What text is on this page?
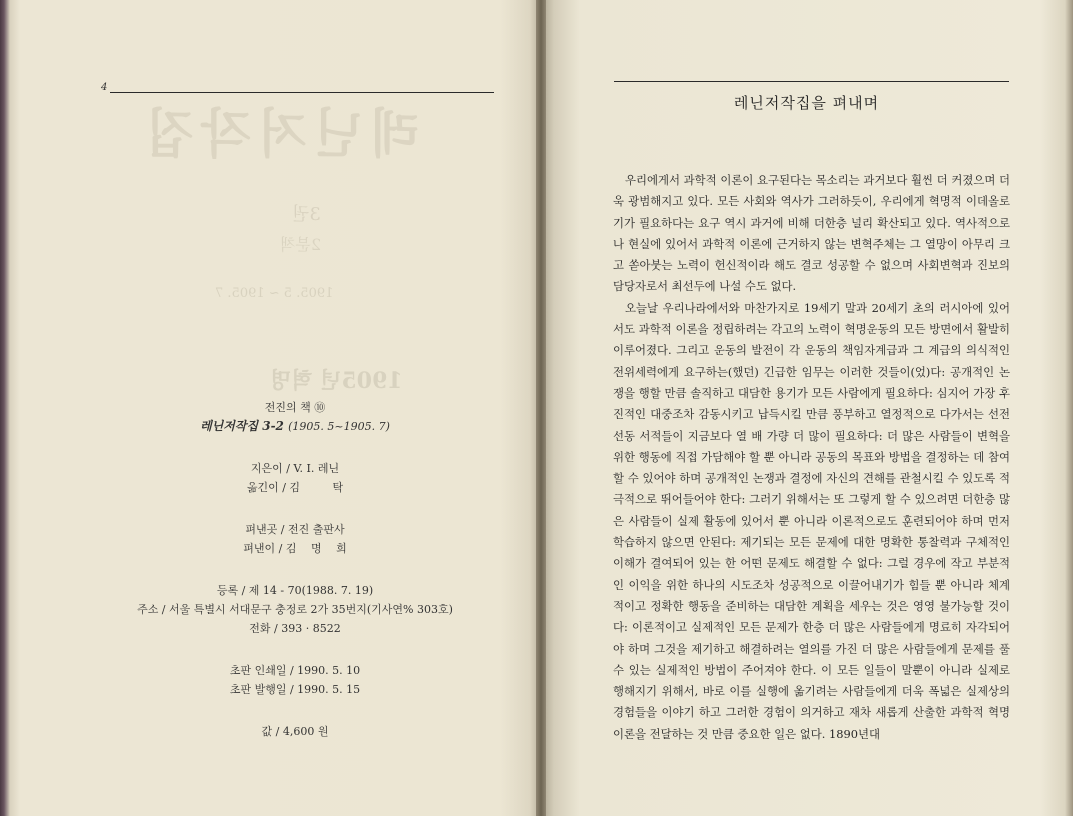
레닌저작집
3권
2분책
1905. 5 ~ 1905. 7
1905년 혁명
4
전진의 책 ⑩
레닌저작집 3-2 (1905. 5~1905. 7)
지은이 / V. I. 레닌
옮긴이 / 김 　 　 탁
펴낸곳 / 전진 출판사
펴낸이 / 김 　명 　희
등록 / 제 14 - 70(1988. 7. 19)
주소 / 서울 특별시 서대문구 충정로 2가 35번지(기사연% 303호)
전화 / 393 · 8522
초판 인쇄일 / 1990. 5. 10
초판 발행일 / 1990. 5. 15
값 / 4,600 원
레닌저작집을 펴내며

우리에게서 과학적 이론이 요구된다는 목소리는 과거보다 훨씬 더 커졌으며 더욱 광범해지고 있다. 모든 사회와 역사가 그러하듯이, 우리에게 혁명적 이데올로기가 필요하다는 요구 역시 과거에 비해 더한층 널리 확산되고 있다. 역사적으로나 현실에 있어서 과학적 이론에 근거하지 않는 변혁주체는 그 열망이 아무리 크고 쏟아붓는 노력이 헌신적이라 해도 결코 성공할 수 없으며 사회변혁과 진보의 담당자로서 최선두에 나설 수도 없다.

오늘날 우리나라에서와 마찬가지로 19세기 말과 20세기 초의 러시아에 있어서도 과학적 이론을 정립하려는 각고의 노력이 혁명운동의 모든 방면에서 활발히 이루어졌다. 그리고 운동의 발전이 각 운동의 책임자계급과 그 계급의 의식적인 전위세력에게 요구하는(했던) 긴급한 임무는 이러한 것들이(었)다: 공개적인 논쟁을 행할 만큼 솔직하고 대담한 용기가 모든 사람에게 필요하다: 심지어 가장 후진적인 대중조차 감동시키고 납득시킬 만큼 풍부하고 열정적으로 다가서는 선전선동 서적들이 지금보다 열 배 가량 더 많이 필요하다: 더 많은 사람들이 변혁을 위한 행동에 직접 가담해야 할 뿐 아니라 공동의 목표와 방법을 결정하는 데 참여할 수 있어야 하며 공개적인 논쟁과 결정에 자신의 견해를 관철시킬 수 있도록 적극적으로 뛰어들어야 한다: 그러기 위해서는 또 그렇게 할 수 있으려면 더한층 많은 사람들이 실제 활동에 있어서 뿐 아니라 이론적으로도 훈련되어야 하며 먼저 학습하지 않으면 안된다: 제기되는 모든 문제에 대한 명확한 통찰력과 구체적인 이해가 결여되어 있는 한 어떤 문제도 해결할 수 없다: 그럴 경우에 작고 부분적인 이익을 위한 하나의 시도조차 성공적으로 이끌어내기가 힘들 뿐 아니라 체계적이고 정확한 행동을 준비하는 대담한 계획을 세우는 것은 영영 불가능할 것이다: 이론적이고 실제적인 모든 문제가 한층 더 많은 사람들에게 명료히 자각되어야 하며 그것을 제기하고 해결하려는 열의를 가진 더 많은 사람들에게 문제를 풀 수 있는 실제적인 방법이 주어져야 한다. 이 모든 일들이 말뿐이 아니라 실제로 행해지기 위해서, 바로 이를 실행에 옮기려는 사람들에게 더욱 폭넓은 실제상의 경험들을 이야기 하고 그러한 경험이 의거하고 재차 새롭게 산출한 과학적 혁명이론을 전달하는 것 만큼 중요한 일은 없다. 1890년대
